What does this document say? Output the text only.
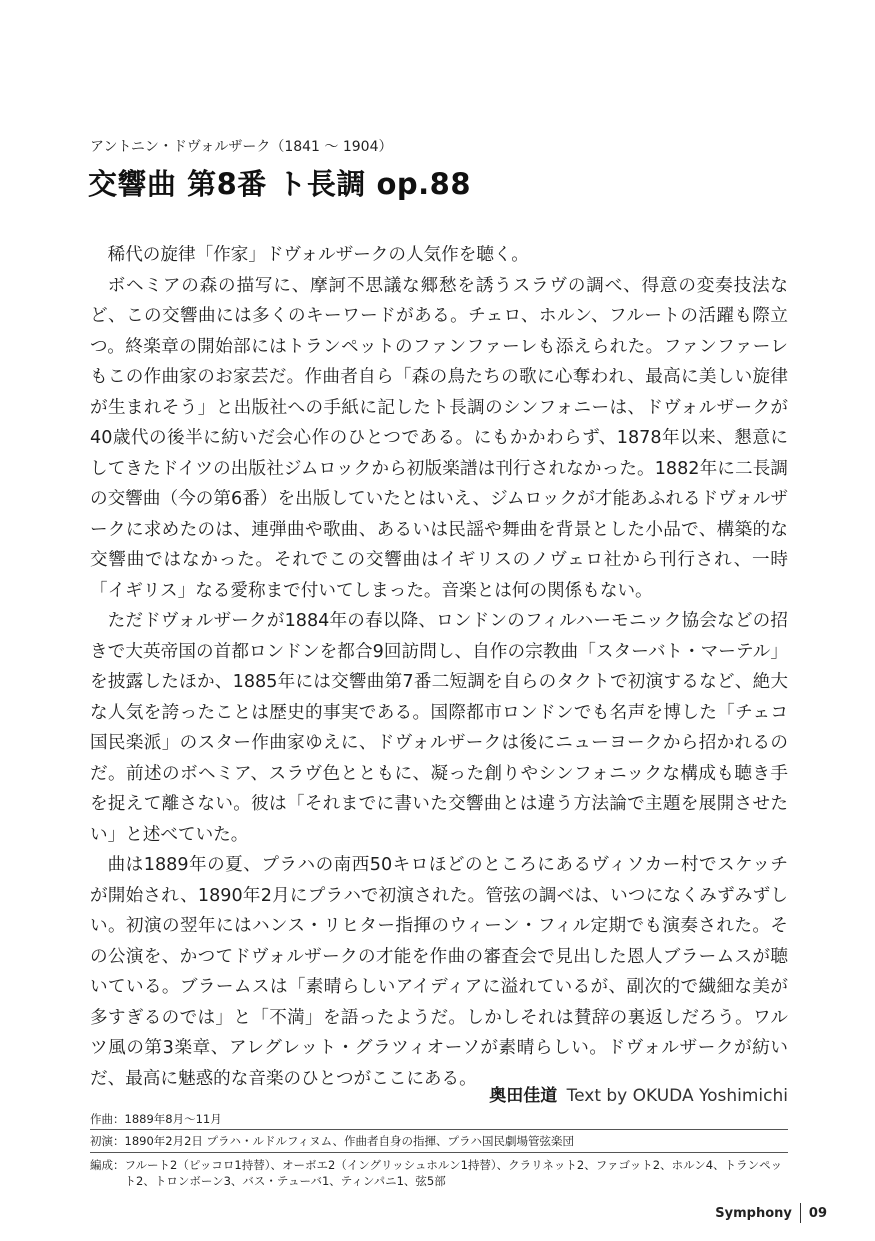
アントニン・ドヴォルザーク（1841 ～ 1904）
交響曲 第8番 ト長調 op.88

稀代の旋律「作家」ドヴォルザークの人気作を聴く。

ボヘミアの森の描写に、摩訶不思議な郷愁を誘うスラヴの調べ、得意の変奏技法など、この交響曲には多くのキーワードがある。チェロ、ホルン、フルートの活躍も際立つ。終楽章の開始部にはトランペットのファンファーレも添えられた。ファンファーレもこの作曲家のお家芸だ。作曲者自ら「森の鳥たちの歌に心奪われ、最高に美しい旋律が生まれそう」と出版社への手紙に記したト長調のシンフォニーは、ドヴォルザークが40歳代の後半に紡いだ会心作のひとつである。にもかかわらず、1878年以来、懇意にしてきたドイツの出版社ジムロックから初版楽譜は刊行されなかった。1882年に二長調の交響曲（今の第6番）を出版していたとはいえ、ジムロックが才能あふれるドヴォルザークに求めたのは、連弾曲や歌曲、あるいは民謡や舞曲を背景とした小品で、構築的な交響曲ではなかった。それでこの交響曲はイギリスのノヴェロ社から刊行され、一時「イギリス」なる愛称まで付いてしまった。音楽とは何の関係もない。

ただドヴォルザークが1884年の春以降、ロンドンのフィルハーモニック協会などの招きで大英帝国の首都ロンドンを都合9回訪問し、自作の宗教曲「スターバト・マーテル」を披露したほか、1885年には交響曲第7番二短調を自らのタクトで初演するなど、絶大な人気を誇ったことは歴史的事実である。国際都市ロンドンでも名声を博した「チェコ国民楽派」のスター作曲家ゆえに、ドヴォルザークは後にニューヨークから招かれるのだ。前述のボヘミア、スラヴ色とともに、凝った創りやシンフォニックな構成も聴き手を捉えて離さない。彼は「それまでに書いた交響曲とは違う方法論で主題を展開させたい」と述べていた。

曲は1889年の夏、プラハの南西50キロほどのところにあるヴィソカー村でスケッチが開始され、1890年2月にプラハで初演された。管弦の調べは、いつになくみずみずしい。初演の翌年にはハンス・リヒター指揮のウィーン・フィル定期でも演奏された。その公演を、かつてドヴォルザークの才能を作曲の審査会で見出した恩人ブラームスが聴いている。ブラームスは「素晴らしいアイディアに溢れているが、副次的で繊細な美が多すぎるのでは」と「不満」を語ったようだ。しかしそれは賛辞の裏返しだろう。ワルツ風の第3楽章、アレグレット・グラツィオーソが素晴らしい。ドヴォルザークが紡いだ、最高に魅惑的な音楽のひとつがここにある。

奥田佳道 Text by OKUDA Yoshimichi
作曲：1889年8月～11月
初演：1890年2月2日 プラハ・ルドルフィヌム、作曲者自身の指揮、プラハ国民劇場管弦楽団
編成： フルート2（ピッコロ1持替）、オーボエ2（イングリッシュホルン1持替）、クラリネット2、ファゴット2、ホルン4、トランペット2、トロンボーン3、バス・テューバ1、ティンパニ1、弦5部
Symphony 09
